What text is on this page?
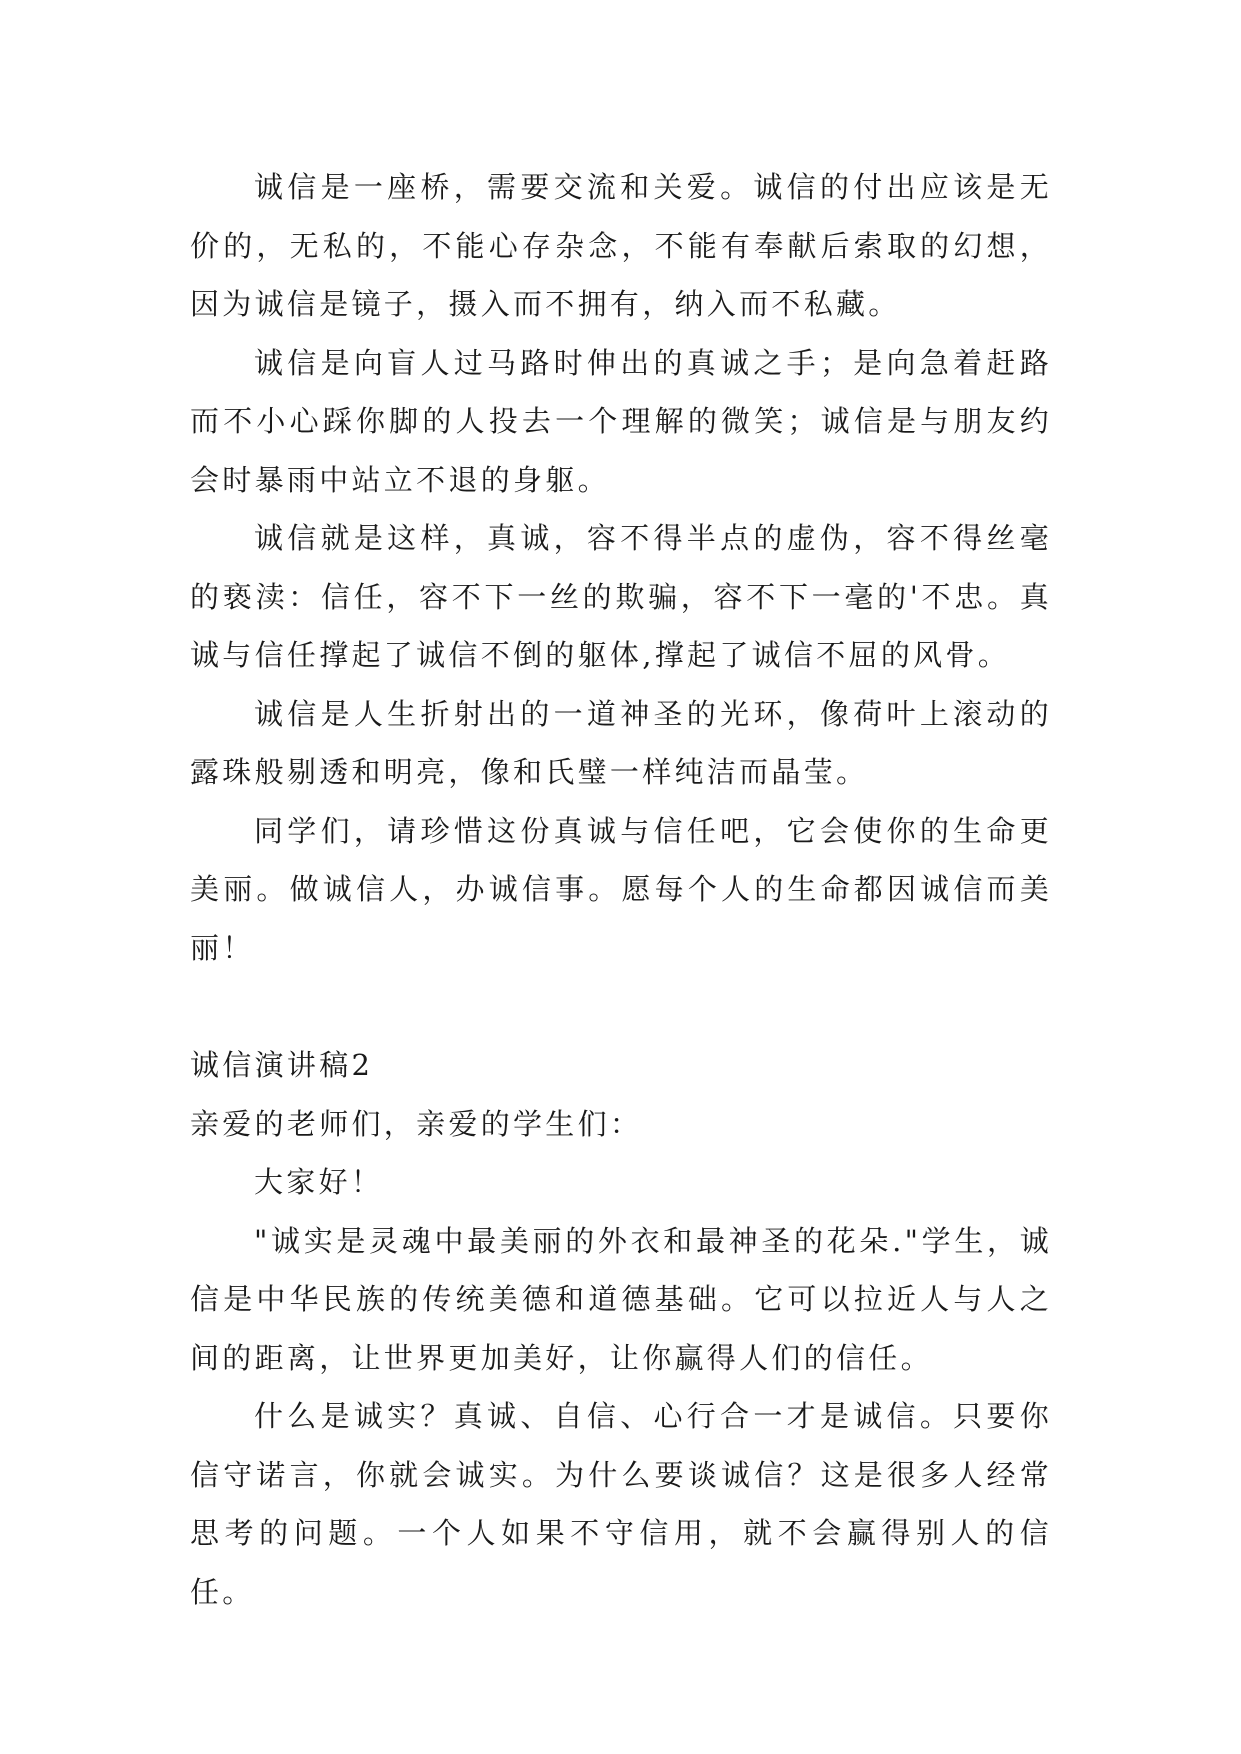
诚信是一座桥，需要交流和关爱。诚信的付出应该是无价的，无私的，不能心存杂念，不能有奉献后索取的幻想，因为诚信是镜子，摄入而不拥有，纳入而不私藏。

诚信是向盲人过马路时伸出的真诚之手；是向急着赶路而不小心踩你脚的人投去一个理解的微笑；诚信是与朋友约会时暴雨中站立不退的身躯。

诚信就是这样，真诚，容不得半点的虚伪，容不得丝毫的亵渎：信任，容不下一丝的欺骗，容不下一毫的'不忠。真诚与信任撑起了诚信不倒的躯体,撑起了诚信不屈的风骨。

诚信是人生折射出的一道神圣的光环，像荷叶上滚动的露珠般剔透和明亮，像和氏璧一样纯洁而晶莹。

同学们，请珍惜这份真诚与信任吧，它会使你的生命更美丽。做诚信人，办诚信事。愿每个人的生命都因诚信而美丽！

诚信演讲稿2

亲爱的老师们，亲爱的学生们：

大家好！

"诚实是灵魂中最美丽的外衣和最神圣的花朵."学生，诚信是中华民族的传统美德和道德基础。它可以拉近人与人之间的距离，让世界更加美好，让你赢得人们的信任。

什么是诚实？真诚、自信、心行合一才是诚信。只要你信守诺言，你就会诚实。为什么要谈诚信？这是很多人经常思考的问题。一个人如果不守信用，就不会赢得别人的信任。
